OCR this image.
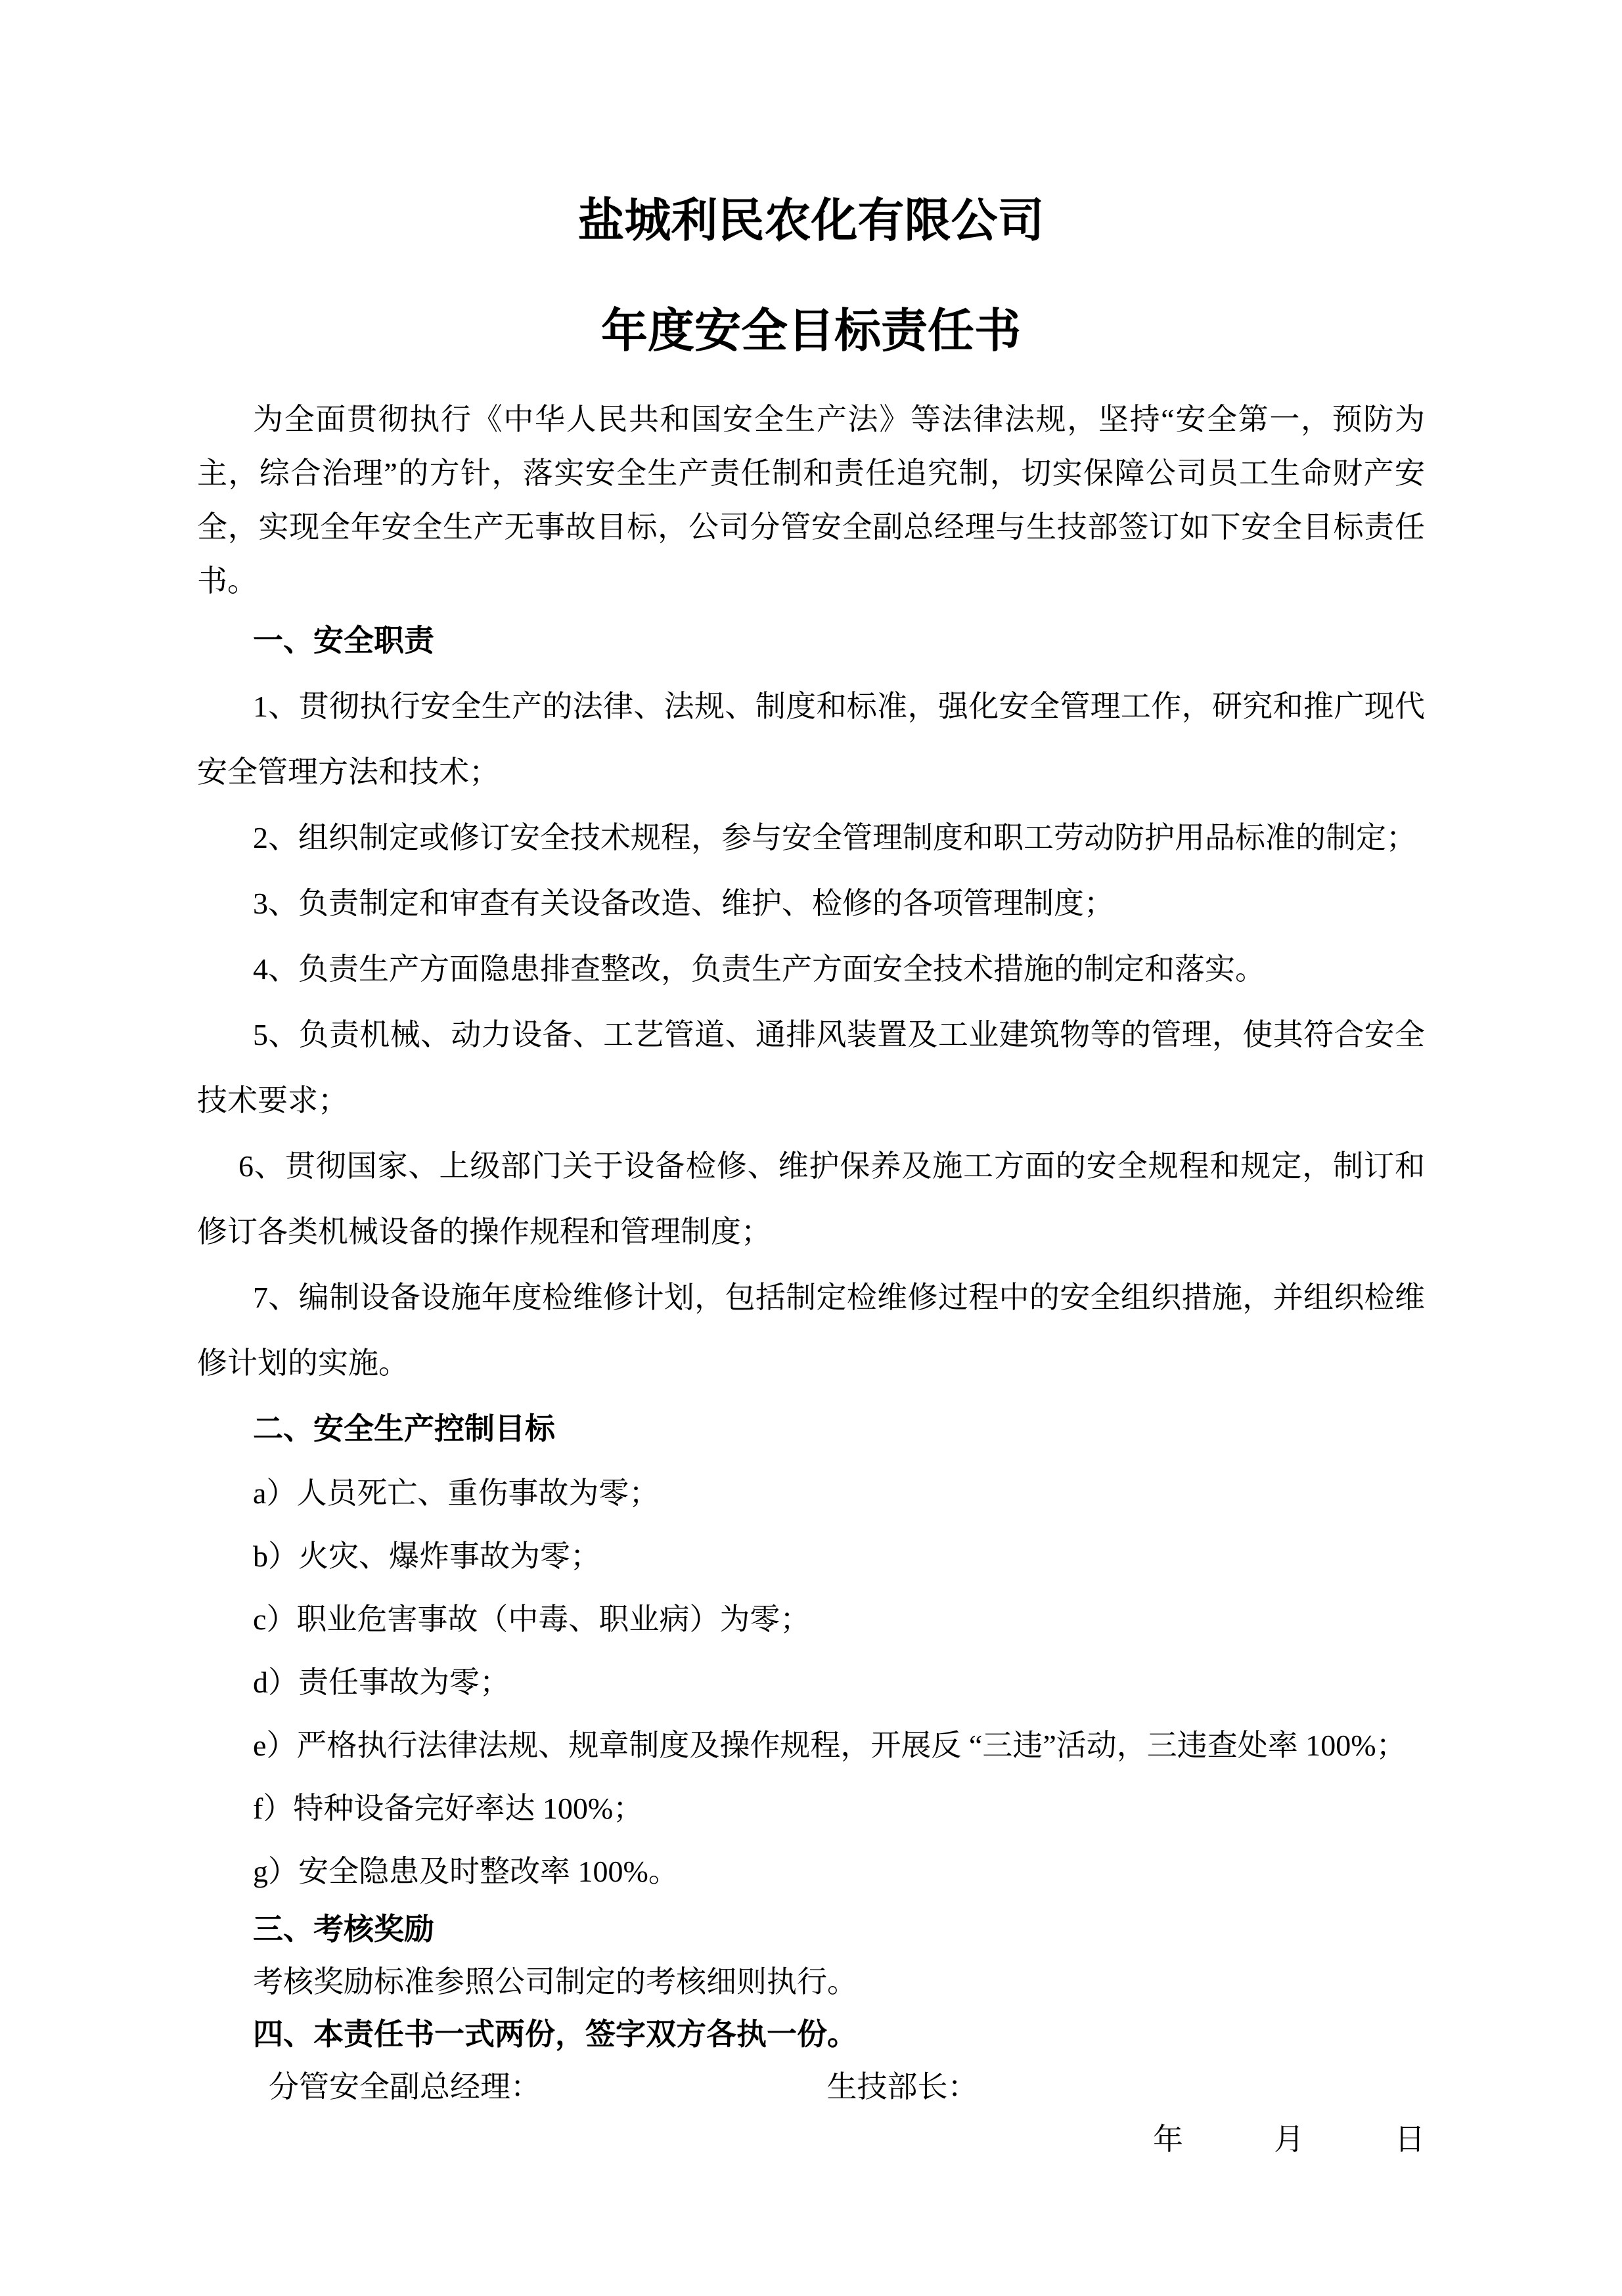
盐城利民农化有限公司
年度安全目标责任书

为全面贯彻执行《中华人民共和国安全生产法》等法律法规，坚持“安全第一，预防为主，综合治理”的方针，落实安全生产责任制和责任追究制，切实保障公司员工生命财产安全，实现全年安全生产无事故目标，公司分管安全副总经理与生技部签订如下安全目标责任书。

一、安全职责

1、贯彻执行安全生产的法律、法规、制度和标准，强化安全管理工作，研究和推广现代安全管理方法和技术；

2、组织制定或修订安全技术规程，参与安全管理制度和职工劳动防护用品标准的制定；

3、负责制定和审查有关设备改造、维护、检修的各项管理制度；

4、负责生产方面隐患排查整改，负责生产方面安全技术措施的制定和落实。

5、负责机械、动力设备、工艺管道、通排风装置及工业建筑物等的管理，使其符合安全技术要求；

6、贯彻国家、上级部门关于设备检修、维护保养及施工方面的安全规程和规定，制订和修订各类机械设备的操作规程和管理制度；

7、编制设备设施年度检维修计划，包括制定检维修过程中的安全组织措施，并组织检维修计划的实施。

二、安全生产控制目标

a）人员死亡、重伤事故为零；

b）火灾、爆炸事故为零；

c）职业危害事故（中毒、职业病）为零；

d）责任事故为零；

e）严格执行法律法规、规章制度及操作规程，开展反 “三违”活动，三违查处率 100%；

f）特种设备完好率达 100%；

g）安全隐患及时整改率 100%。

三、考核奖励

考核奖励标准参照公司制定的考核细则执行。

四、本责任书一式两份，签字双方各执一份。

分管安全副总经理：	生技部长：

年　　　月　　　日
